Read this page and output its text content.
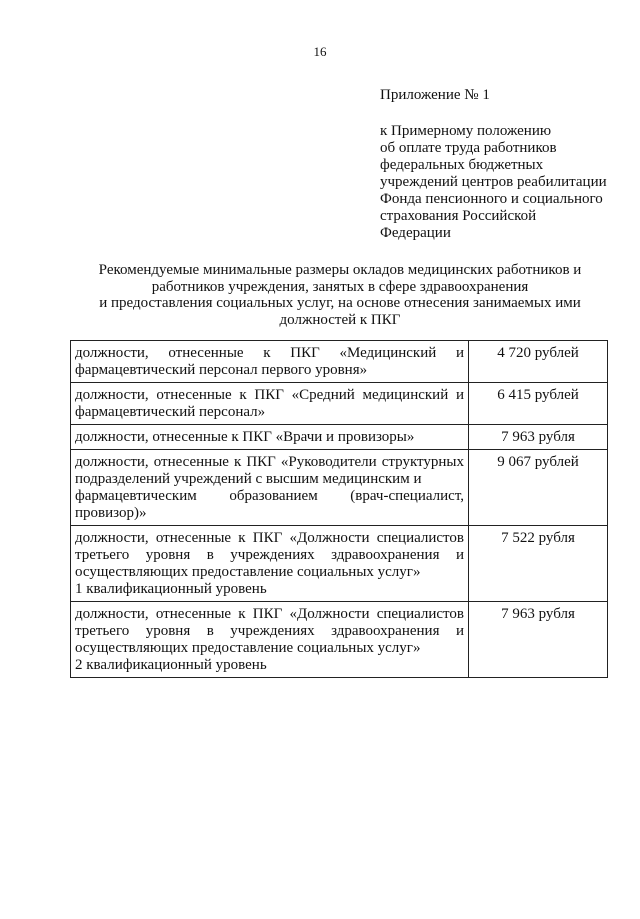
16
Приложение № 1
к Примерному положению
об оплате труда работников
федеральных бюджетных
учреждений центров реабилитации
Фонда пенсионного и социального
страхования Российской
Федерации
Рекомендуемые минимальные размеры окладов медицинских работников и
работников учреждения, занятых в сфере здравоохранения
и предоставления социальных услуг, на основе отнесения занимаемых ими
должностей к ПКГ
должности, отнесенные к ПКГ «Медицинский и
фармацевтический персонал первого уровня»	4 720 рублей

должности, отнесенные к ПКГ «Средний медицинский и
фармацевтический персонал»	6 415 рублей

должности, отнесенные к ПКГ «Врачи и провизоры»	7 963 рубля

должности, отнесенные к ПКГ «Руководители структурных
подразделений учреждений с высшим медицинским и
фармацевтическим образованием (врач-специалист,
провизор)»	9 067 рублей

должности, отнесенные к ПКГ «Должности специалистов
третьего уровня в учреждениях здравоохранения и
осуществляющих предоставление социальных услуг»
1 квалификационный уровень	7 522 рубля

должности, отнесенные к ПКГ «Должности специалистов
третьего уровня в учреждениях здравоохранения и
осуществляющих предоставление социальных услуг»
2 квалификационный уровень	7 963 рубля
